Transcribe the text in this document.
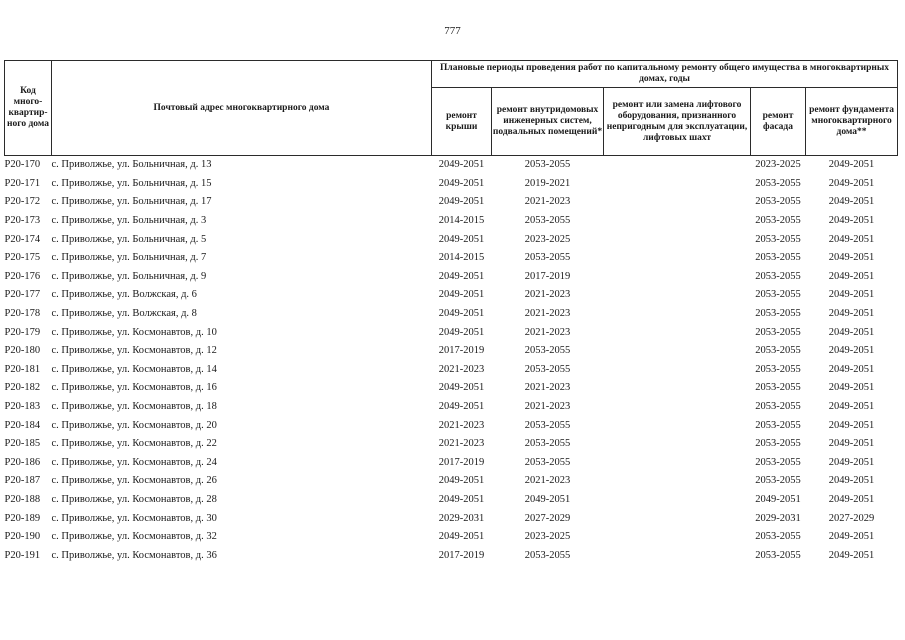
777
Код много-квартир-ного дома	Почтовый адрес многоквартирного дома	Плановые периоды проведения работ по капитальному ремонту общего имущества в многоквартирных домах, годы				
		ремонт крыши	ремонт внутридомовых инженерных систем, подвальных помещений*	ремонт или замена лифтового оборудования, признанного непригодным для эксплуатации, лифтовых шахт	ремонт фасада	ремонт фундамента многоквартирного дома**
Р20-170	с. Приволжье, ул. Больничная, д. 13	2049-2051	2053-2055		2023-2025	2049-2051
Р20-171	с. Приволжье, ул. Больничная, д. 15	2049-2051	2019-2021		2053-2055	2049-2051
Р20-172	с. Приволжье, ул. Больничная, д. 17	2049-2051	2021-2023		2053-2055	2049-2051
Р20-173	с. Приволжье, ул. Больничная, д. 3	2014-2015	2053-2055		2053-2055	2049-2051
Р20-174	с. Приволжье, ул. Больничная, д. 5	2049-2051	2023-2025		2053-2055	2049-2051
Р20-175	с. Приволжье, ул. Больничная, д. 7	2014-2015	2053-2055		2053-2055	2049-2051
Р20-176	с. Приволжье, ул. Больничная, д. 9	2049-2051	2017-2019		2053-2055	2049-2051
Р20-177	с. Приволжье, ул. Волжская, д. 6	2049-2051	2021-2023		2053-2055	2049-2051
Р20-178	с. Приволжье, ул. Волжская, д. 8	2049-2051	2021-2023		2053-2055	2049-2051
Р20-179	с. Приволжье, ул. Космонавтов, д. 10	2049-2051	2021-2023		2053-2055	2049-2051
Р20-180	с. Приволжье, ул. Космонавтов, д. 12	2017-2019	2053-2055		2053-2055	2049-2051
Р20-181	с. Приволжье, ул. Космонавтов, д. 14	2021-2023	2053-2055		2053-2055	2049-2051
Р20-182	с. Приволжье, ул. Космонавтов, д. 16	2049-2051	2021-2023		2053-2055	2049-2051
Р20-183	с. Приволжье, ул. Космонавтов, д. 18	2049-2051	2021-2023		2053-2055	2049-2051
Р20-184	с. Приволжье, ул. Космонавтов, д. 20	2021-2023	2053-2055		2053-2055	2049-2051
Р20-185	с. Приволжье, ул. Космонавтов, д. 22	2021-2023	2053-2055		2053-2055	2049-2051
Р20-186	с. Приволжье, ул. Космонавтов, д. 24	2017-2019	2053-2055		2053-2055	2049-2051
Р20-187	с. Приволжье, ул. Космонавтов, д. 26	2049-2051	2021-2023		2053-2055	2049-2051
Р20-188	с. Приволжье, ул. Космонавтов, д. 28	2049-2051	2049-2051		2049-2051	2049-2051
Р20-189	с. Приволжье, ул. Космонавтов, д. 30	2029-2031	2027-2029		2029-2031	2027-2029
Р20-190	с. Приволжье, ул. Космонавтов, д. 32	2049-2051	2023-2025		2053-2055	2049-2051
Р20-191	с. Приволжье, ул. Космонавтов, д. 36	2017-2019	2053-2055		2053-2055	2049-2051
